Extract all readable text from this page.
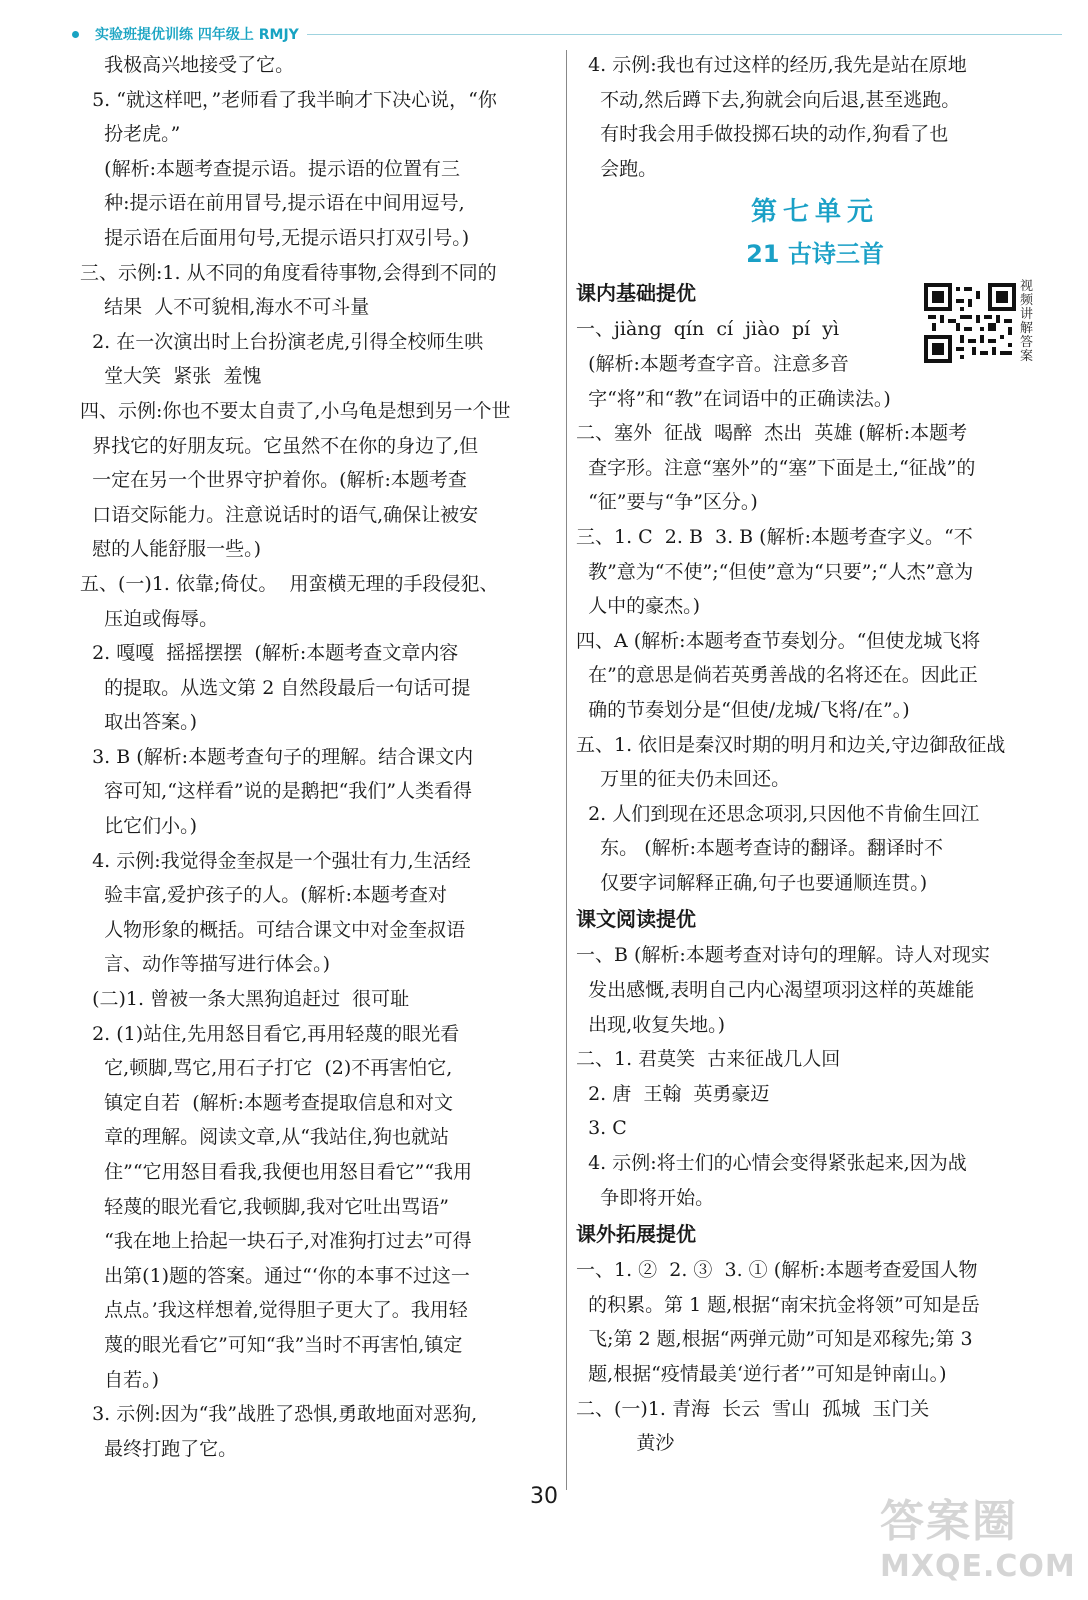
实验班提优训练 四年级上 RMJY
我极高兴地接受了它。
5. “就这样吧，”老师看了我半晌才下决心说，“你
扮老虎。”
(解析:本题考查提示语。提示语的位置有三
种:提示语在前用冒号,提示语在中间用逗号,
提示语在后面用句号,无提示语只打双引号。)
三、示例:1. 从不同的角度看待事物,会得到不同的
结果  人不可貌相,海水不可斗量
2. 在一次演出时上台扮演老虎,引得全校师生哄
堂大笑  紧张  羞愧
四、示例:你也不要太自责了,小乌龟是想到另一个世
界找它的好朋友玩。它虽然不在你的身边了,但
一定在另一个世界守护着你。(解析:本题考查
口语交际能力。注意说话时的语气,确保让被安
慰的人能舒服一些。)
五、(一)1. 依靠;倚仗。  用蛮横无理的手段侵犯、
压迫或侮辱。
2. 嘎嘎  摇摇摆摆  (解析:本题考查文章内容
的提取。从选文第 2 自然段最后一句话可提
取出答案。)
3. B (解析:本题考查句子的理解。结合课文内
容可知,“这样看”说的是鹅把“我们”人类看得
比它们小。)
4. 示例:我觉得金奎叔是一个强壮有力,生活经
验丰富,爱护孩子的人。(解析:本题考查对
人物形象的概括。可结合课文中对金奎叔语
言、动作等描写进行体会。)
(二)1. 曾被一条大黑狗追赶过  很可耻
2. (1)站住,先用怒目看它,再用轻蔑的眼光看
它,顿脚,骂它,用石子打它  (2)不再害怕它,
镇定自若  (解析:本题考查提取信息和对文
章的理解。阅读文章,从“我站住,狗也就站
住”“它用怒目看我,我便也用怒目看它”“我用
轻蔑的眼光看它,我顿脚,我对它吐出骂语”
“我在地上拾起一块石子,对准狗打过去”可得
出第(1)题的答案。通过“‘你的本事不过这一
点点。’我这样想着,觉得胆子更大了。我用轻
蔑的眼光看它”可知“我”当时不再害怕,镇定
自若。)
3. 示例:因为“我”战胜了恐惧,勇敢地面对恶狗,
最终打跑了它。
4. 示例:我也有过这样的经历,我先是站在原地
不动,然后蹲下去,狗就会向后退,甚至逃跑。
有时我会用手做投掷石块的动作,狗看了也
会跑。
第七单元
21 古诗三首
课内基础提优
一、jiàng  qín  cí  jiào  pí  yì
(解析:本题考查字音。注意多音
字“将”和“教”在词语中的正确读法。)
二、塞外  征战  喝醉  杰出  英雄 (解析:本题考
查字形。注意“塞外”的“塞”下面是土,“征战”的
“征”要与“争”区分。)
三、1. C  2. B  3. B (解析:本题考查字义。“不
教”意为“不使”;“但使”意为“只要”;“人杰”意为
人中的豪杰。)
四、A (解析:本题考查节奏划分。“但使龙城飞将
在”的意思是倘若英勇善战的名将还在。因此正
确的节奏划分是“但使/龙城/飞将/在”。)
五、1. 依旧是秦汉时期的明月和边关,守边御敌征战
万里的征夫仍未回还。
2. 人们到现在还思念项羽,只因他不肯偷生回江
东。 (解析:本题考查诗的翻译。翻译时不
仅要字词解释正确,句子也要通顺连贯。)
课文阅读提优
一、B (解析:本题考查对诗句的理解。诗人对现实
发出感慨,表明自己内心渴望项羽这样的英雄能
出现,收复失地。)
二、1. 君莫笑  古来征战几人回
2. 唐  王翰  英勇豪迈
3. C
4. 示例:将士们的心情会变得紧张起来,因为战
争即将开始。
课外拓展提优
一、1. ②  2. ③  3. ① (解析:本题考查爱国人物
的积累。第 1 题,根据“南宋抗金将领”可知是岳
飞;第 2 题,根据“两弹元勋”可知是邓稼先;第 3
题,根据“疫情最美‘逆行者’”可知是钟南山。)
二、(一)1. 青海  长云  雪山  孤城  玉门关
黄沙
视频讲解答案
30	答案圈
MXQE.COM
